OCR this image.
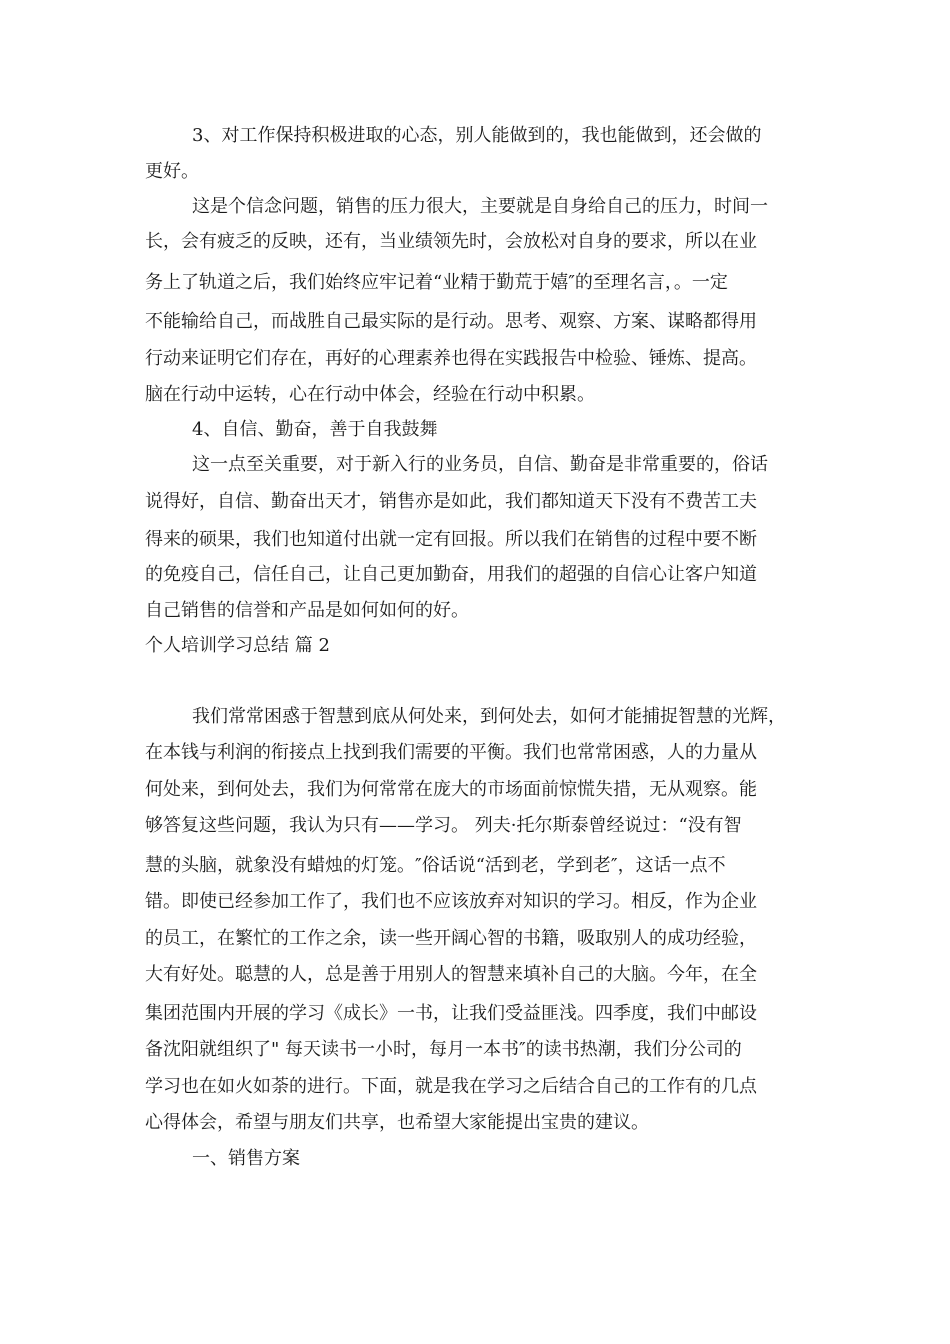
3、对工作保持积极进取的心态，别人能做到的，我也能做到，还会做的
更好。
这是个信念问题，销售的压力很大，主要就是自身给自己的压力，时间一
长，会有疲乏的反映，还有，当业绩领先时，会放松对自身的要求，所以在业
务上了轨道之后，我们始终应牢记着“业精于勤荒于嬉″的至理名言，。一定
不能输给自己，而战胜自己最实际的是行动。思考、观察、方案、谋略都得用
行动来证明它们存在，再好的心理素养也得在实践报告中检验、锤炼、提高。
脑在行动中运转，心在行动中体会，经验在行动中积累。
4、自信、勤奋，善于自我鼓舞
这一点至关重要，对于新入行的业务员，自信、勤奋是非常重要的，俗话
说得好，自信、勤奋出天才，销售亦是如此，我们都知道天下没有不费苦工夫
得来的硕果，我们也知道付出就一定有回报。所以我们在销售的过程中要不断
的免疫自己，信任自己，让自己更加勤奋，用我们的超强的自信心让客户知道
自己销售的信誉和产品是如何如何的好。
个人培训学习总结 篇 2
我们常常困惑于智慧到底从何处来，到何处去，如何才能捕捉智慧的光辉，
在本钱与利润的衔接点上找到我们需要的平衡。我们也常常困惑，人的力量从
何处来，到何处去，我们为何常常在庞大的市场面前惊慌失措，无从观察。能
够答复这些问题，我认为只有——学习。 列夫·托尔斯泰曾经说过：“没有智
慧的头脑，就象没有蜡烛的灯笼。″俗话说“活到老，学到老″，这话一点不
错。即使已经参加工作了，我们也不应该放弃对知识的学习。相反，作为企业
的员工，在繁忙的工作之余，读一些开阔心智的书籍，吸取别人的成功经验，
大有好处。聪慧的人，总是善于用别人的智慧来填补自己的大脑。今年，在全
集团范围内开展的学习《成长》一书，让我们受益匪浅。四季度，我们中邮设
备沈阳就组织了" 每天读书一小时，每月一本书″的读书热潮，我们分公司的
学习也在如火如荼的进行。下面，就是我在学习之后结合自己的工作有的几点
心得体会，希望与朋友们共享，也希望大家能提出宝贵的建议。
一、销售方案
